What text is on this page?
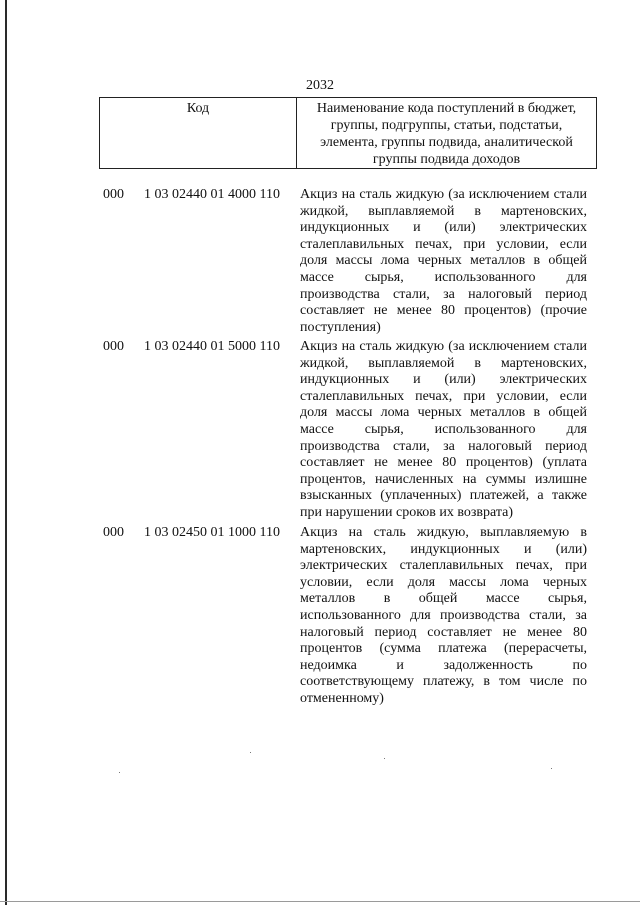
2032
Код	Наименование кода поступлений в бюджет, группы, подгруппы, статьи, подстатьи, элемента, группы подвида, аналитической группы подвида доходов
000 1 03 02440 01 4000 110 Акциз на сталь жидкую (за исключением стали жидкой, выплавляемой в мартеновских, индукционных и (или) электрических сталеплавильных печах, при условии, если доля массы лома черных металлов в общей массе сырья, использованного для производства стали, за налоговый период составляет не менее 80 процентов) (прочие поступления)
000 1 03 02440 01 5000 110 Акциз на сталь жидкую (за исключением стали жидкой, выплавляемой в мартеновских, индукционных и (или) электрических сталеплавильных печах, при условии, если доля массы лома черных металлов в общей массе сырья, использованного для производства стали, за налоговый период составляет не менее 80 процентов) (уплата процентов, начисленных на суммы излишне взысканных (уплаченных) платежей, а также при нарушении сроков их возврата)
000 1 03 02450 01 1000 110 Акциз на сталь жидкую, выплавляемую в мартеновских, индукционных и (или) электрических сталеплавильных печах, при условии, если доля массы лома черных металлов в общей массе сырья, использованного для производства стали, за налоговый период составляет не менее 80 процентов (сумма платежа (перерасчеты, недоимка и задолженность по соответствующему платежу, в том числе по отмененному)
